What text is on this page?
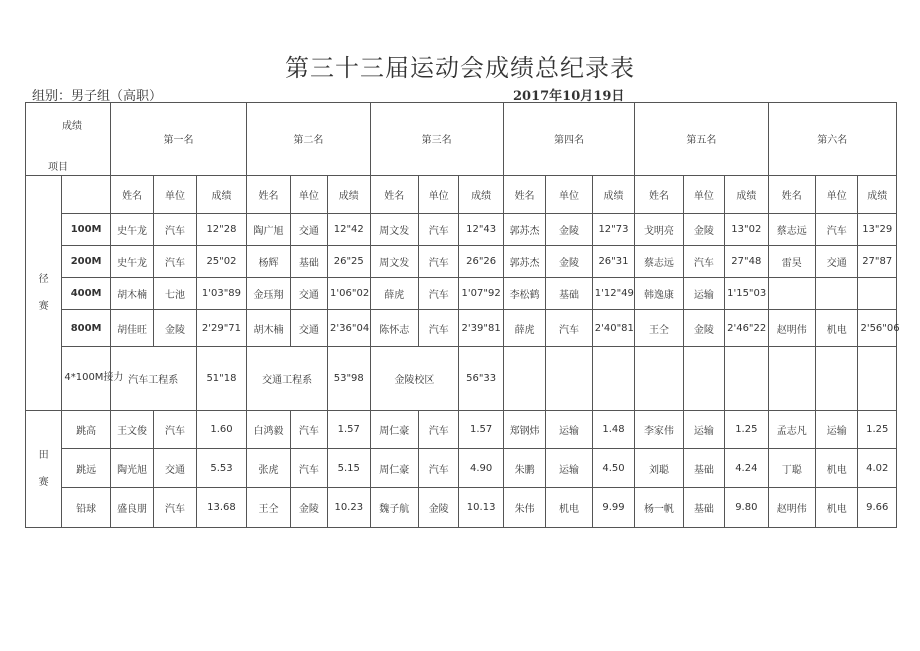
第三十三届运动会成绩总纪录表
组别：男子组（高职）	2017年10月19日
成绩
项目		第一名			第二名			第三名			第四名			第五名			第六名		

径
赛		姓名	单位	成绩	姓名	单位	成绩	姓名	单位	成绩	姓名	单位	成绩	姓名	单位	成绩	姓名	单位	成绩
	100M	史午龙	汽车	12"28	陶广旭	交通	12"42	周文发	汽车	12"43	郭苏杰	金陵	12"73	戈明亮	金陵	13"02	蔡志远	汽车	13"29
	200M	史午龙	汽车	25"02	杨辉	基础	26"25	周文发	汽车	26"26	郭苏杰	金陵	26"31	蔡志远	汽车	27"48	雷昊	交通	27"87
	400M	胡木楠	七池	1'03"89	金珏翔	交通	1'06"02	薛虎	汽车	1'07"92	李松鹤	基础	1'12"49	韩逸康	运输	1'15"03			
	800M	胡佳旺	金陵	2'29"71	胡木楠	交通	2'36"04	陈怀志	汽车	2'39"81	薛虎	汽车	2'40"81	王仝	金陵	2'46"22	赵明伟	机电	2'56"06
	4*100M接力	汽车工程系		51"18	交通工程系		53"98	金陵校区		56"33									

田
赛	跳高	王文俊	汽车	1.60	白鸿毅	汽车	1.57	周仁豪	汽车	1.57	郑钢炜	运输	1.48	李家伟	运输	1.25	孟志凡	运输	1.25
	跳远	陶光旭	交通	5.53	张虎	汽车	5.15	周仁豪	汽车	4.90	朱鹏	运输	4.50	刘聪	基础	4.24	丁聪	机电	4.02
	铅球	盛良朋	汽车	13.68	王仝	金陵	10.23	魏子航	金陵	10.13	朱伟	机电	9.99	杨一帆	基础	9.80	赵明伟	机电	9.66
